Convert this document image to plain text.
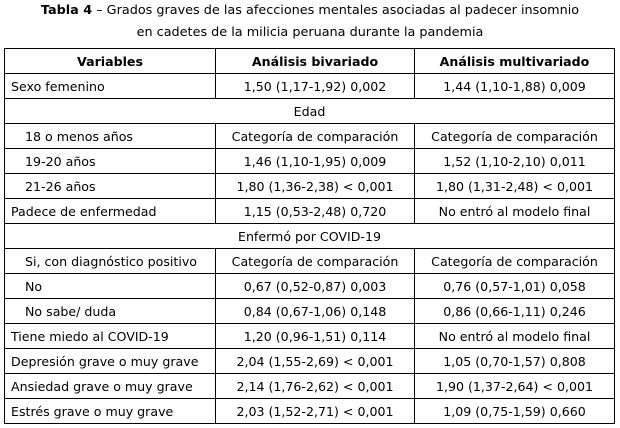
Tabla 4 – Grados graves de las afecciones mentales asociadas al padecer insomnio
en cadetes de la milicia peruana durante la pandemia
Variables	Análisis bivariado	Análisis multivariado
Sexo femenino	1,50 (1,17-1,92) 0,002	1,44 (1,10-1,88) 0,009
Edad		
18 o menos años	Categoría de comparación	Categoría de comparación
19-20 años	1,46 (1,10-1,95) 0,009	1,52 (1,10-2,10) 0,011
21-26 años	1,80 (1,36-2,38) < 0,001	1,80 (1,31-2,48) < 0,001
Padece de enfermedad	1,15 (0,53-2,48) 0,720	No entró al modelo final
Enfermó por COVID-19		
Si, con diagnóstico positivo	Categoría de comparación	Categoría de comparación
No	0,67 (0,52-0,87) 0,003	0,76 (0,57-1,01) 0,058
No sabe/ duda	0,84 (0,67-1,06) 0,148	0,86 (0,66-1,11) 0,246
Tiene miedo al COVID-19	1,20 (0,96-1,51) 0,114	No entró al modelo final
Depresión grave o muy grave	2,04 (1,55-2,69) < 0,001	1,05 (0,70-1,57) 0,808
Ansiedad grave o muy grave	2,14 (1,76-2,62) < 0,001	1,90 (1,37-2,64) < 0,001
Estrés grave o muy grave	2,03 (1,52-2,71) < 0,001	1,09 (0,75-1,59) 0,660
